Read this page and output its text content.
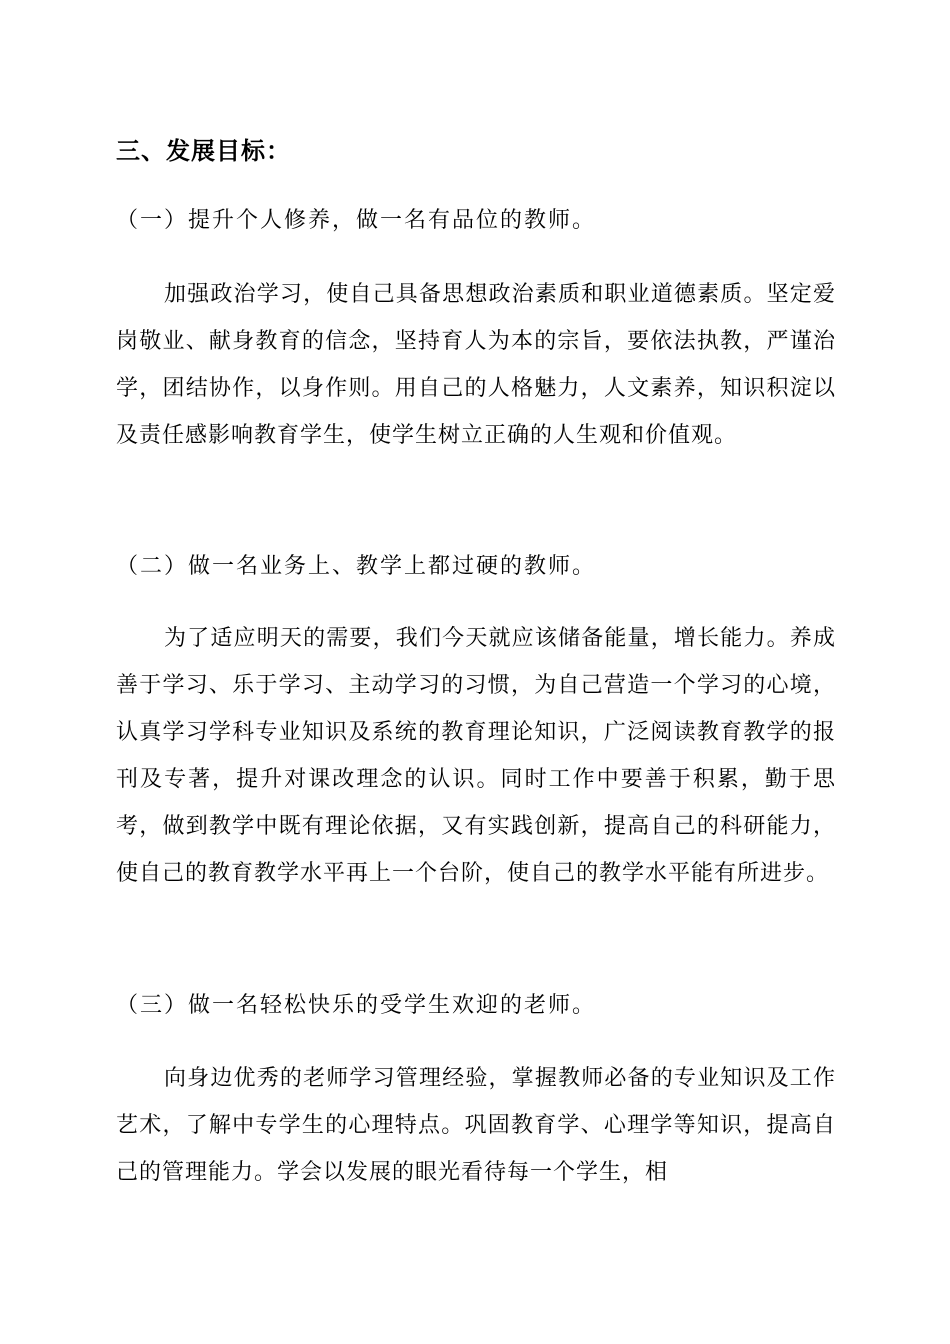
三、发展目标：
（一）提升个人修养，做一名有品位的教师。

加强政治学习，使自己具备思想政治素质和职业道德素质。坚定爱岗敬业、献身教育的信念，坚持育人为本的宗旨，要依法执教，严谨治学，团结协作，以身作则。用自己的人格魅力，人文素养，知识积淀以及责任感影响教育学生，使学生树立正确的人生观和价值观。

（二）做一名业务上、教学上都过硬的教师。

为了适应明天的需要，我们今天就应该储备能量，增长能力。养成善于学习、乐于学习、主动学习的习惯，为自己营造一个学习的心境，认真学习学科专业知识及系统的教育理论知识，广泛阅读教育教学的报刊及专著，提升对课改理念的认识。同时工作中要善于积累，勤于思考，做到教学中既有理论依据，又有实践创新，提高自己的科研能力，使自己的教育教学水平再上一个台阶，使自己的教学水平能有所进步。

（三）做一名轻松快乐的受学生欢迎的老师。

向身边优秀的老师学习管理经验，掌握教师必备的专业知识及工作艺术，了解中专学生的心理特点。巩固教育学、心理学等知识，提高自己的管理能力。学会以发展的眼光看待每一个学生，相
